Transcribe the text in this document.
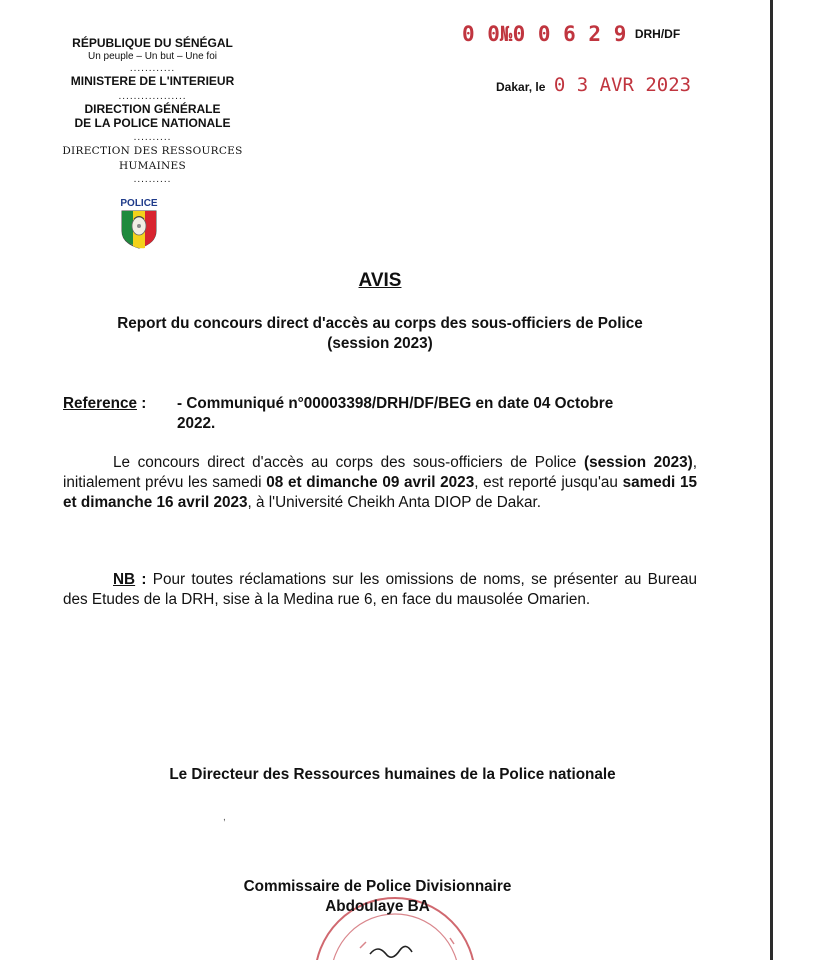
RÉPUBLIQUE DU SÉNÉGAL
Un peuple – Un but – Une foi
............
MINISTERE DE L'INTERIEUR
..................
DIRECTION GÉNÉRALE
DE LA POLICE NATIONALE
..........
DIRECTION DES RESSOURCES
HUMAINES
..........
POLICE
0 0№0 0 6 2 9 DRH/DF
Dakar, le 0 3 AVR 2023
AVIS
Report du concours direct d'accès au corps des sous-officiers de Police
(session 2023)
Reference : - Communiqué n°00003398/DRH/DF/BEG en date 04 Octobre
2022.
Le concours direct d'accès au corps des sous-officiers de Police (session 2023), initialement prévu les samedi 08 et dimanche 09 avril 2023, est reporté jusqu'au samedi 15 et dimanche 16 avril 2023, à l'Université Cheikh Anta DIOP de Dakar.
NB : Pour toutes réclamations sur les omissions de noms, se présenter au Bureau des Etudes de la DRH, sise à la Medina rue 6, en face du mausolée Omarien.
Le Directeur des Ressources humaines de la Police nationale
,
Commissaire de Police Divisionnaire
Abdoulaye BA
